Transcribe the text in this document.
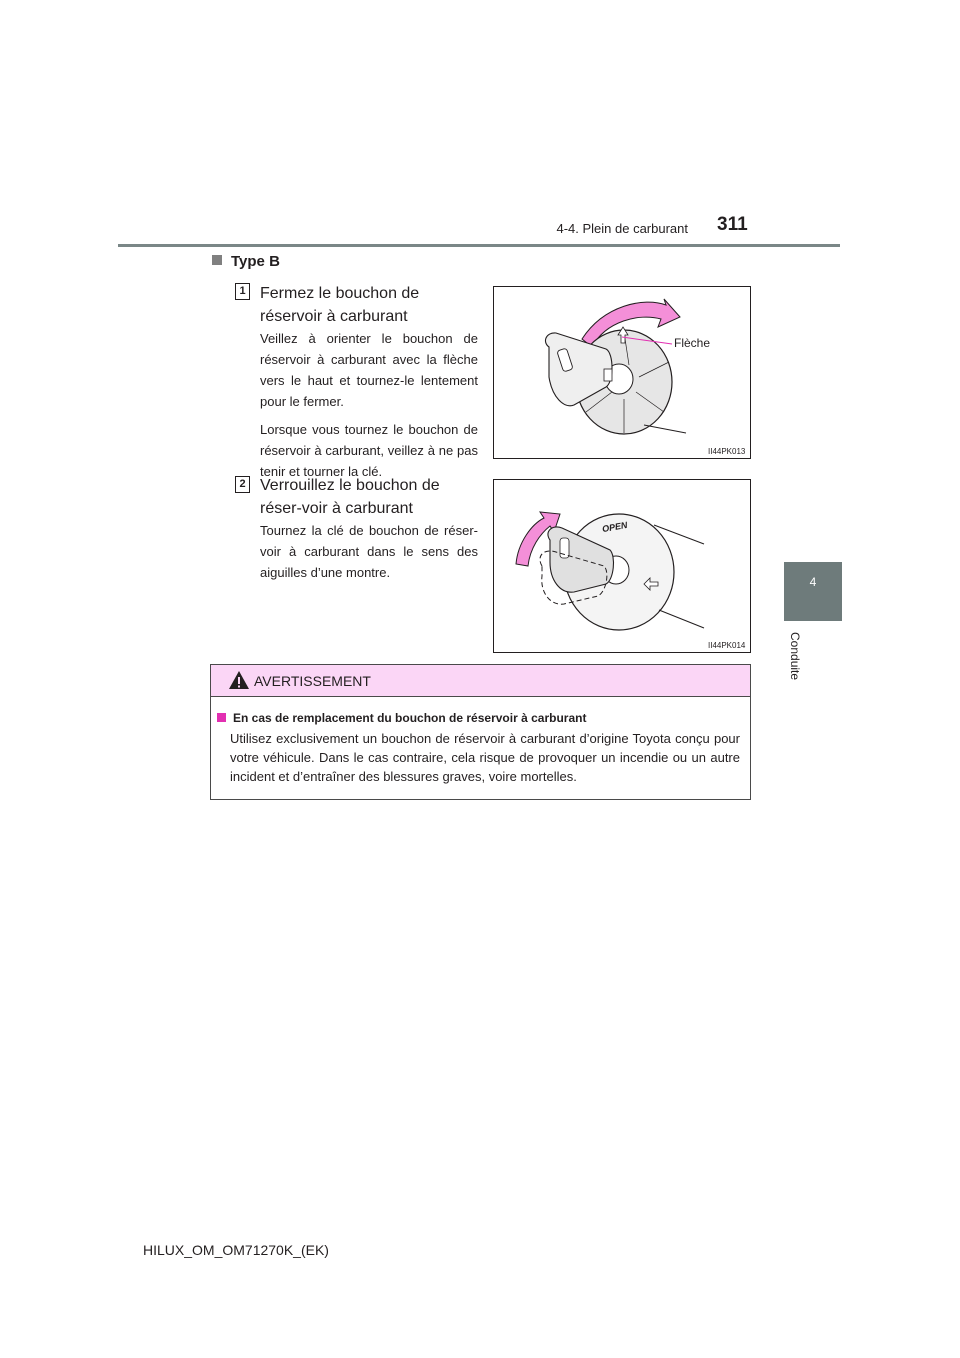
4-4. Plein de carburant 311
4
Conduite
Type B
1 Fermez le bouchon de réservoir à carburant

Veillez à orienter le bouchon de réservoir à carburant avec la flèche vers le haut et tournez-le lentement pour le fermer.

Lorsque vous tournez le bouchon de réservoir à carburant, veillez à ne pas tenir et tourner la clé.

Flèche
II44PK013
2 Verrouillez le bouchon de réser-voir à carburant

Tournez la clé de bouchon de réser-voir à carburant dans le sens des aiguilles d’une montre.

OPEN
II44PK014
AVERTISSEMENT
En cas de remplacement du bouchon de réservoir à carburant
Utilisez exclusivement un bouchon de réservoir à carburant d’origine Toyota conçu pour votre véhicule. Dans le cas contraire, cela risque de provoquer un incendie ou un autre incident et d’entraîner des blessures graves, voire mortelles.
HILUX_OM_OM71270K_(EK)
